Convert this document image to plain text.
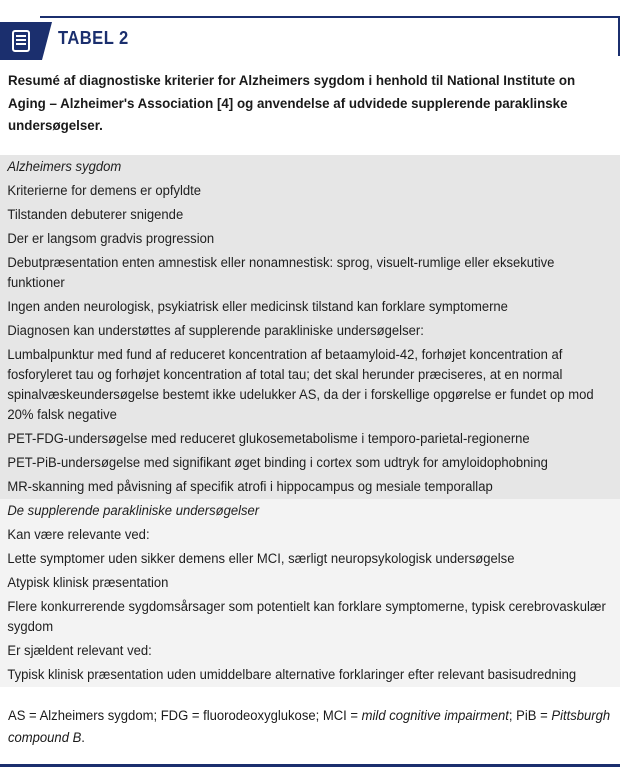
TABEL 2
Resumé af diagnostiske kriterier for Alzheimers sygdom i henhold til National Institute on Aging – Alzheimer's Association [4] og anvendelse af udvidede supplerende paraklinske undersøgelser.
Alzheimers sygdom
Kriterierne for demens er opfyldte
Tilstanden debuterer snigende
Der er langsom gradvis progression
Debutpræsentation enten amnestisk eller nonamnestisk: sprog, visuelt-rumlige eller eksekutive funktioner
Ingen anden neurologisk, psykiatrisk eller medicinsk tilstand kan forklare symptomerne
Diagnosen kan understøttes af supplerende parakliniske undersøgelser:
Lumbalpunktur med fund af reduceret koncentration af betaamyloid-42, forhøjet koncentration af fosforyleret tau og forhøjet koncentration af total tau; det skal herunder præciseres, at en normal spinalvæskeundersøgelse bestemt ikke udelukker AS, da der i forskellige opgørelse er fundet op mod 20% falsk negative
PET-FDG-undersøgelse med reduceret glukosemetabolisme i temporo-parietal-regionerne
PET-PiB-undersøgelse med signifikant øget binding i cortex som udtryk for amyloidophobning
MR-skanning med påvisning af specifik atrofi i hippocampus og mesiale temporallap
De supplerende parakliniske undersøgelser
Kan være relevante ved:
Lette symptomer uden sikker demens eller MCI, særligt neuropsykologisk undersøgelse
Atypisk klinisk præsentation
Flere konkurrerende sygdomsårsager som potentielt kan forklare symptomerne, typisk cerebrovaskulær sygdom
Er sjældent relevant ved:
Typisk klinisk præsentation uden umiddelbare alternative forklaringer efter relevant basisudredning
AS = Alzheimers sygdom; FDG = fluorodeoxyglukose; MCI = mild cognitive impairment; PiB = Pittsburgh compound B.
